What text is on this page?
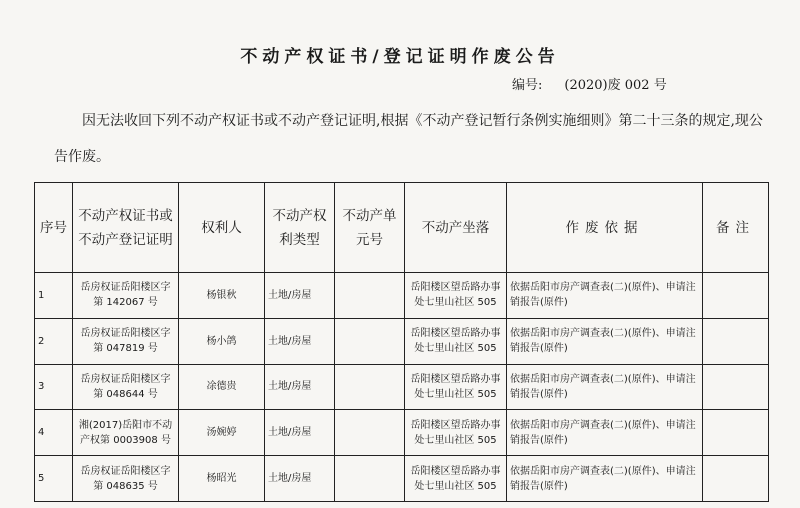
不动产权证书/登记证明作废公告
编号: (2020)废 002 号
因无法收回下列不动产权证书或不动产登记证明,根据《不动产登记暂行条例实施细则》第二十三条的规定,现公告作废。
序号	不动产权证书或不动产登记证明	权利人	不动产权利类型	不动产单元号	不动产坐落	作废依据	备注
1	岳房权证岳阳楼区字第 142067 号	杨银秋	土地/房屋		岳阳楼区望岳路办事处七里山社区 505	依据岳阳市房产调查表(二)(原件)、申请注销报告(原件)	
2	岳房权证岳阳楼区字第 047819 号	杨小鸽	土地/房屋		岳阳楼区望岳路办事处七里山社区 505	依据岳阳市房产调查表(二)(原件)、申请注销报告(原件)	
3	岳房权证岳阳楼区字第 048644 号	凃德贵	土地/房屋		岳阳楼区望岳路办事处七里山社区 505	依据岳阳市房产调查表(二)(原件)、申请注销报告(原件)	
4	湘(2017)岳阳市不动产权第 0003908 号	汤婉婷	土地/房屋		岳阳楼区望岳路办事处七里山社区 505	依据岳阳市房产调查表(二)(原件)、申请注销报告(原件)	
5	岳房权证岳阳楼区字第 048635 号	杨昭光	土地/房屋		岳阳楼区望岳路办事处七里山社区 505	依据岳阳市房产调查表(二)(原件)、申请注销报告(原件)	
